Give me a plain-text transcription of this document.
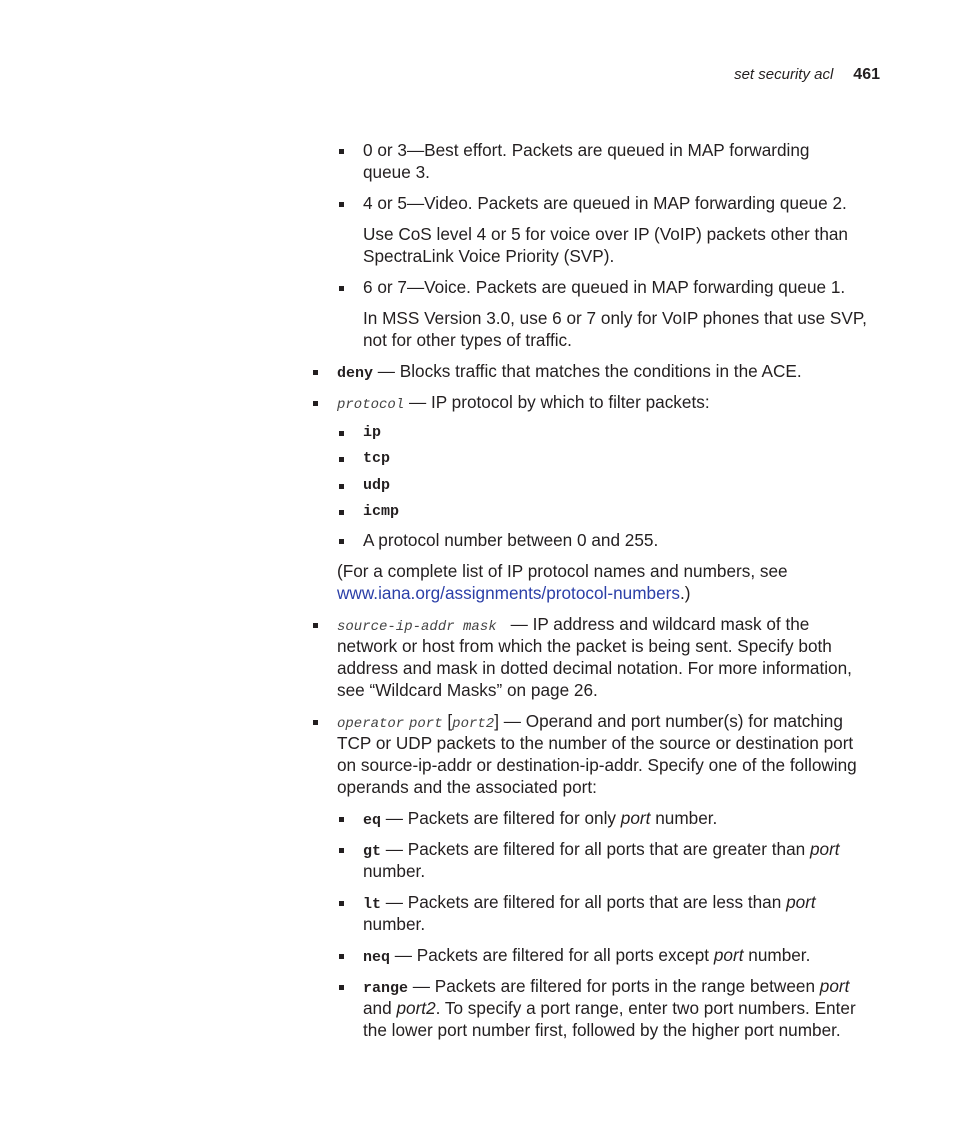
set security acl 461
0 or 3—Best effort. Packets are queued in MAP forwarding
queue 3.
4 or 5—Video. Packets are queued in MAP forwarding queue 2.
Use CoS level 4 or 5 for voice over IP (VoIP) packets other than
SpectraLink Voice Priority (SVP).
6 or 7—Voice. Packets are queued in MAP forwarding queue 1.
In MSS Version 3.0, use 6 or 7 only for VoIP phones that use SVP,
not for other types of traffic.
deny — Blocks traffic that matches the conditions in the ACE.
protocol — IP protocol by which to filter packets:
ip
tcp
udp
icmp
A protocol number between 0 and 255.
(For a complete list of IP protocol names and numbers, see
www.iana.org/assignments/protocol-numbers.)
source-ip-addr mask — IP address and wildcard mask of the
network or host from which the packet is being sent. Specify both
address and mask in dotted decimal notation. For more information,
see “Wildcard Masks” on page 26.
operator port [port2] — Operand and port number(s) for matching
TCP or UDP packets to the number of the source or destination port
on source-ip-addr or destination-ip-addr. Specify one of the following
operands and the associated port:
eq — Packets are filtered for only port number.
gt — Packets are filtered for all ports that are greater than port
number.
lt — Packets are filtered for all ports that are less than port
number.
neq — Packets are filtered for all ports except port number.
range — Packets are filtered for ports in the range between port
and port2. To specify a port range, enter two port numbers. Enter
the lower port number first, followed by the higher port number.
